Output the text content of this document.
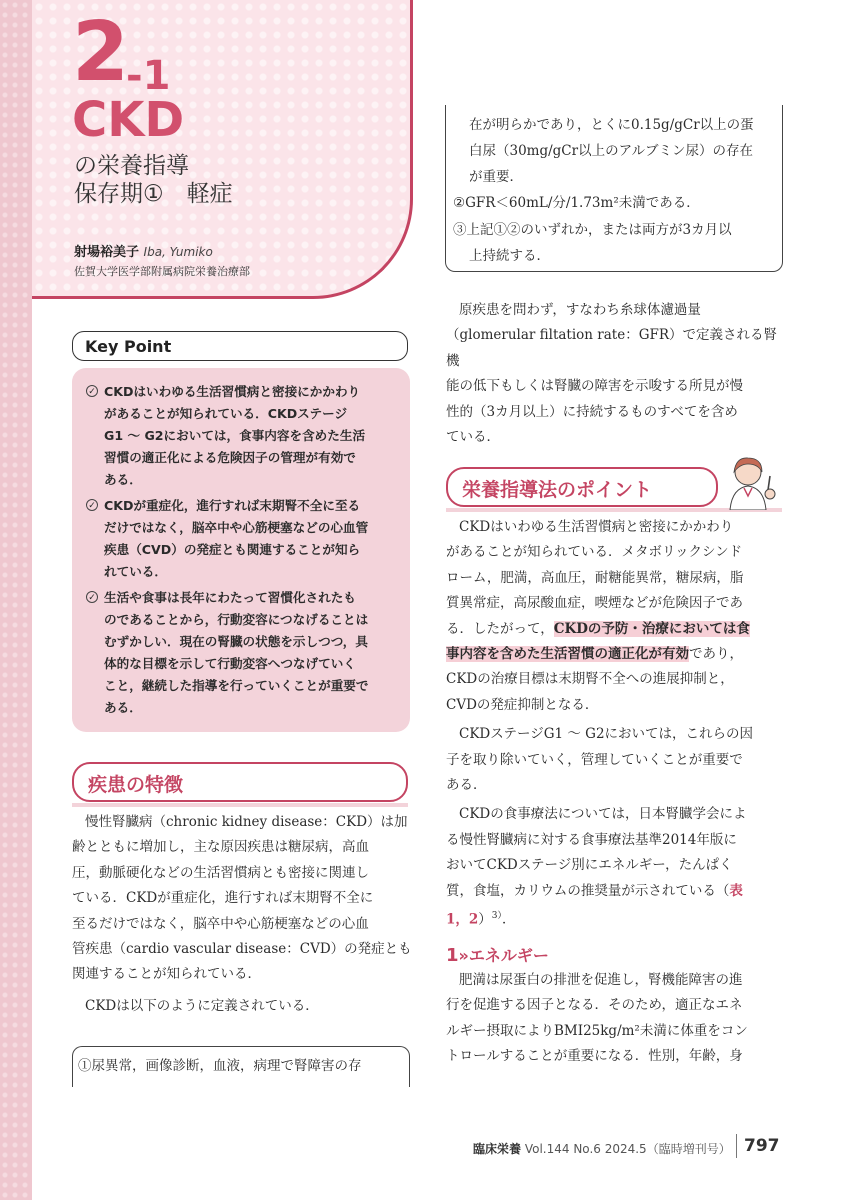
2
-1
CKD
の栄養指導
保存期①　軽症
射場裕美子 Iba, Yumiko
佐賀大学医学部附属病院栄養治療部
Key Point
✓ CKDはいわゆる生活習慣病と密接にかかわり
があることが知られている．CKDステージ
G1 ～ G2においては，食事内容を含めた生活
習慣の適正化による危険因子の管理が有効で
ある．
✓ CKDが重症化，進行すれば末期腎不全に至る
だけではなく，脳卒中や心筋梗塞などの心血管
疾患（CVD）の発症とも関連することが知ら
れている．
✓ 生活や食事は長年にわたって習慣化されたも
のであることから，行動変容につなげることは
むずかしい．現在の腎臓の状態を示しつつ，具
体的な目標を示して行動変容へつなげていく
こと，継続した指導を行っていくことが重要で
ある．
疾患の特徴
慢性腎臓病（chronic kidney disease：CKD）は加
齢とともに増加し，主な原因疾患は糖尿病，高血
圧，動脈硬化などの生活習慣病とも密接に関連し
ている．CKDが重症化，進行すれば末期腎不全に
至るだけではなく，脳卒中や心筋梗塞などの心血
管疾患（cardio vascular disease：CVD）の発症とも
関連することが知られている．
CKDは以下のように定義されている．
①尿異常，画像診断，血液，病理で腎障害の存
在が明らかであり，とくに0.15g/gCr以上の蛋
白尿（30mg/gCr以上のアルブミン尿）の存在
が重要．
②GFR＜60mL/分/1.73m²未満である．
③上記①②のいずれか，または両方が3カ月以
上持続する．
原疾患を問わず，すなわち糸球体濾過量
（glomerular filtation rate：GFR）で定義される腎機
能の低下もしくは腎臓の障害を示唆する所見が慢
性的（3カ月以上）に持続するものすべてを含め
ている．
栄養指導法のポイント
CKDはいわゆる生活習慣病と密接にかかわり
があることが知られている．メタボリックシンド
ローム，肥満，高血圧，耐糖能異常，糖尿病，脂
質異常症，高尿酸血症，喫煙などが危険因子であ
る．したがって，CKDの予防・治療においては食
事内容を含めた生活習慣の適正化が有効であり，
CKDの治療目標は末期腎不全への進展抑制と，
CVDの発症抑制となる．
CKDステージG1 ～ G2においては，これらの因
子を取り除いていく，管理していくことが重要で
ある．
CKDの食事療法については，日本腎臓学会によ
る慢性腎臓病に対する食事療法基準2014年版に
おいてCKDステージ別にエネルギー，たんぱく
質，食塩，カリウムの推奨量が示されている（表
1，2）$^{3)}$．
1»エネルギー
肥満は尿蛋白の排泄を促進し，腎機能障害の進
行を促進する因子となる．そのため，適正なエネ
ルギー摂取によりBMI25kg/m²未満に体重をコン
トロールすることが重要になる．性別，年齢，身
臨床栄養 Vol.144 No.6 2024.5（臨時増刊号） 797
